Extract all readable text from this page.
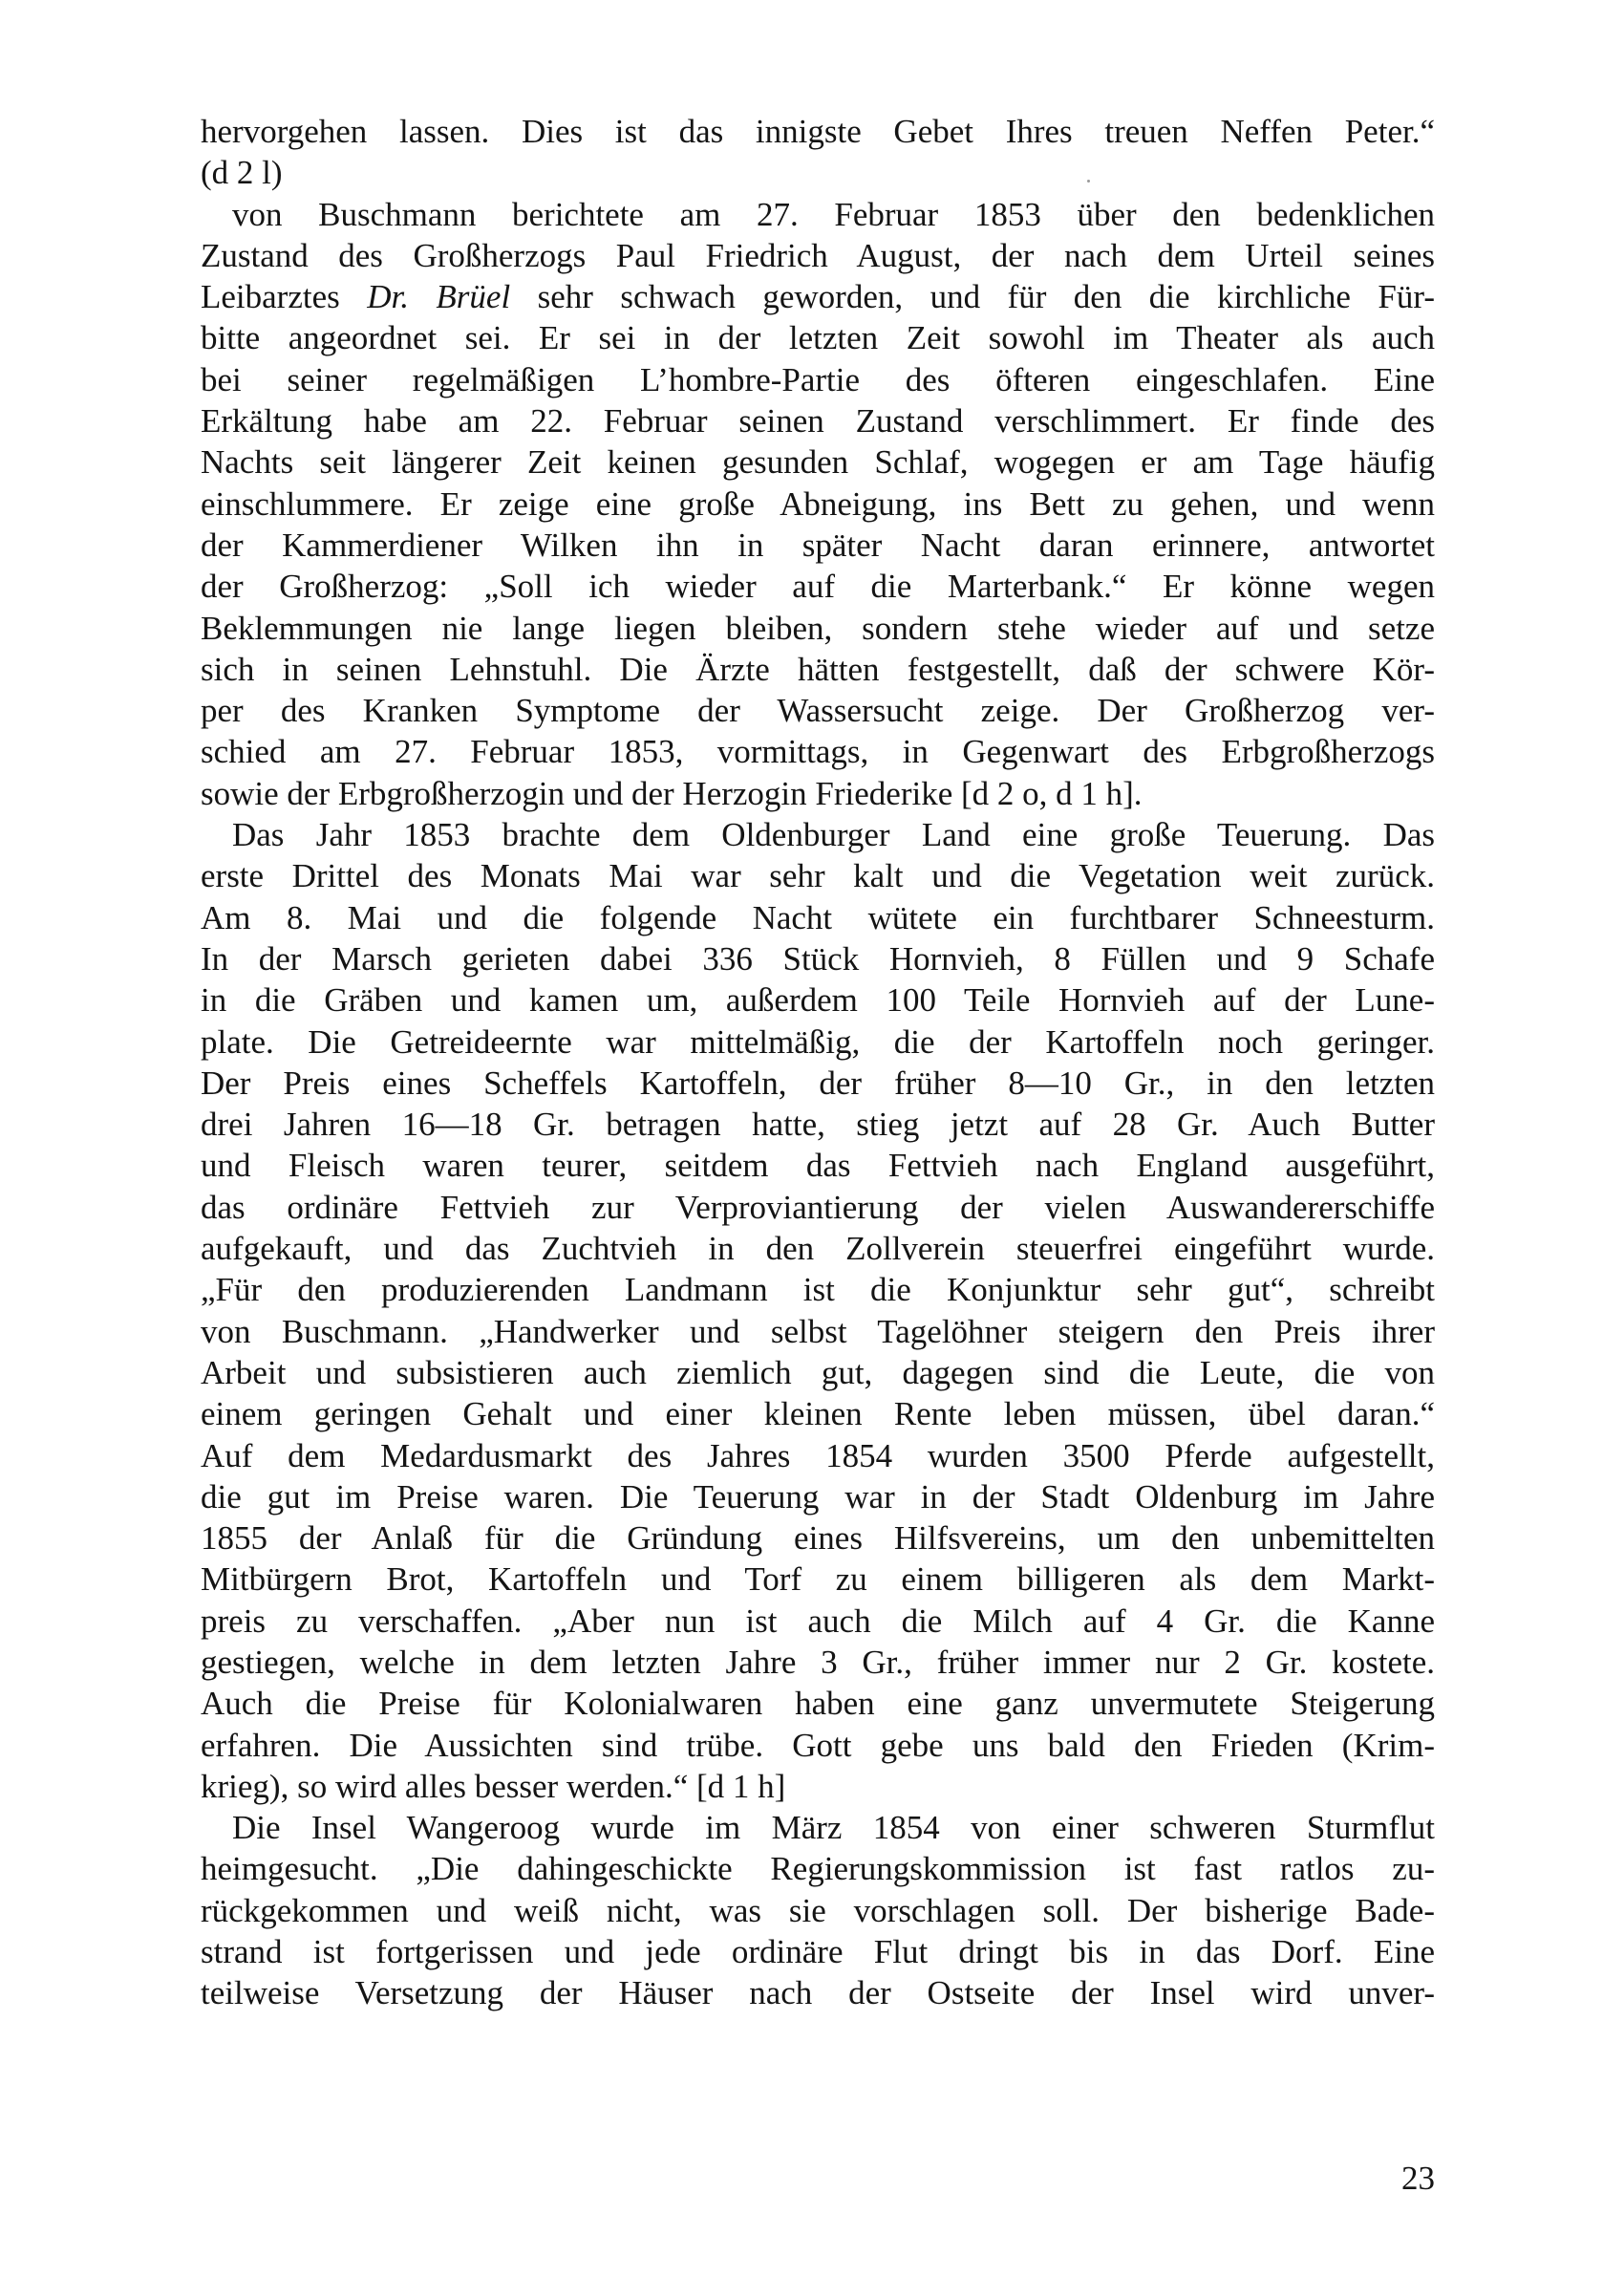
hervorgehen lassen. Dies ist das innigste Gebet Ihres treuen Neffen Peter.“
(d 2 l)
von Buschmann berichtete am 27. Februar 1853 über den bedenklichen
Zustand des Großherzogs Paul Friedrich August, der nach dem Urteil seines
Leibarztes Dr. Brüel sehr schwach geworden, und für den die kirchliche Für-
bitte angeordnet sei. Er sei in der letzten Zeit sowohl im Theater als auch
bei seiner regelmäßigen L’hombre-Partie des öfteren eingeschlafen. Eine
Erkältung habe am 22. Februar seinen Zustand verschlimmert. Er finde des
Nachts seit längerer Zeit keinen gesunden Schlaf, wogegen er am Tage häufig
einschlummere. Er zeige eine große Abneigung, ins Bett zu gehen, und wenn
der Kammerdiener Wilken ihn in später Nacht daran erinnere, antwortet
der Großherzog: „Soll ich wieder auf die Marterbank.“ Er könne wegen
Beklemmungen nie lange liegen bleiben, sondern stehe wieder auf und setze
sich in seinen Lehnstuhl. Die Ärzte hätten festgestellt, daß der schwere Kör-
per des Kranken Symptome der Wassersucht zeige. Der Großherzog ver-
schied am 27. Februar 1853, vormittags, in Gegenwart des Erbgroßherzogs
sowie der Erbgroßherzogin und der Herzogin Friederike [d 2 o, d 1 h].
Das Jahr 1853 brachte dem Oldenburger Land eine große Teuerung. Das
erste Drittel des Monats Mai war sehr kalt und die Vegetation weit zurück.
Am 8. Mai und die folgende Nacht wütete ein furchtbarer Schneesturm.
In der Marsch gerieten dabei 336 Stück Hornvieh, 8 Füllen und 9 Schafe
in die Gräben und kamen um, außerdem 100 Teile Hornvieh auf der Lune-
plate. Die Getreideernte war mittelmäßig, die der Kartoffeln noch geringer.
Der Preis eines Scheffels Kartoffeln, der früher 8—10 Gr., in den letzten
drei Jahren 16—18 Gr. betragen hatte, stieg jetzt auf 28 Gr. Auch Butter
und Fleisch waren teurer, seitdem das Fettvieh nach England ausgeführt,
das ordinäre Fettvieh zur Verproviantierung der vielen Auswandererschiffe
aufgekauft, und das Zuchtvieh in den Zollverein steuerfrei eingeführt wurde.
„Für den produzierenden Landmann ist die Konjunktur sehr gut“, schreibt
von Buschmann. „Handwerker und selbst Tagelöhner steigern den Preis ihrer
Arbeit und subsistieren auch ziemlich gut, dagegen sind die Leute, die von
einem geringen Gehalt und einer kleinen Rente leben müssen, übel daran.“
Auf dem Medardusmarkt des Jahres 1854 wurden 3500 Pferde aufgestellt,
die gut im Preise waren. Die Teuerung war in der Stadt Oldenburg im Jahre
1855 der Anlaß für die Gründung eines Hilfsvereins, um den unbemittelten
Mitbürgern Brot, Kartoffeln und Torf zu einem billigeren als dem Markt-
preis zu verschaffen. „Aber nun ist auch die Milch auf 4 Gr. die Kanne
gestiegen, welche in dem letzten Jahre 3 Gr., früher immer nur 2 Gr. kostete.
Auch die Preise für Kolonialwaren haben eine ganz unvermutete Steigerung
erfahren. Die Aussichten sind trübe. Gott gebe uns bald den Frieden (Krim-
krieg), so wird alles besser werden.“ [d 1 h]
Die Insel Wangeroog wurde im März 1854 von einer schweren Sturmflut
heimgesucht. „Die dahingeschickte Regierungskommission ist fast ratlos zu-
rückgekommen und weiß nicht, was sie vorschlagen soll. Der bisherige Bade-
strand ist fortgerissen und jede ordinäre Flut dringt bis in das Dorf. Eine
teilweise Versetzung der Häuser nach der Ostseite der Insel wird unver-
23
